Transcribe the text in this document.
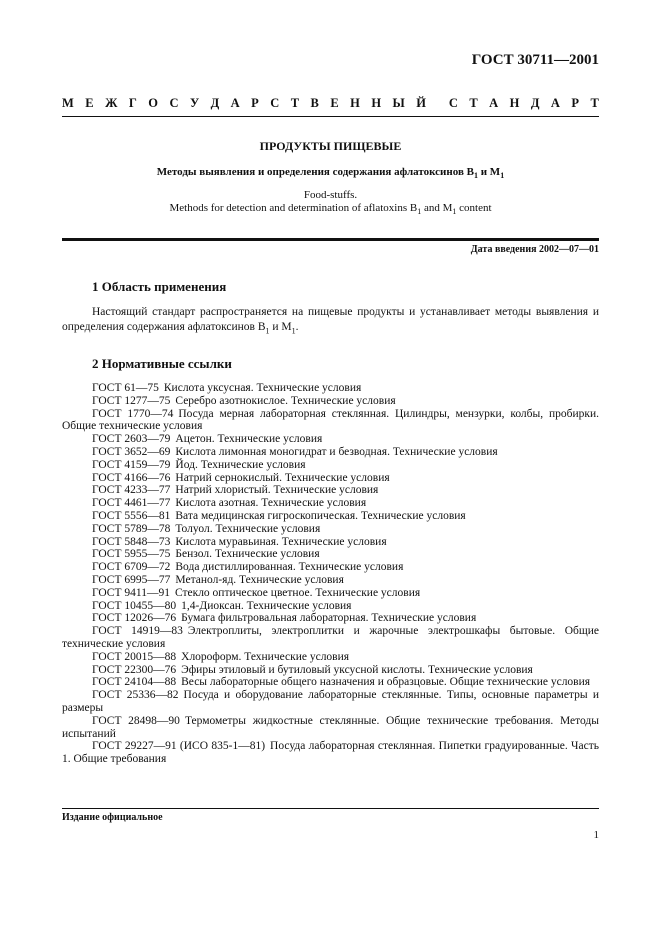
ГОСТ 30711—2001
М Е Ж Г О С У Д А Р С Т В Е Н Н Ы Й С Т А Н Д А Р Т
ПРОДУКТЫ ПИЩЕВЫЕ
Методы выявления и определения содержания афлатоксинов $B_1$ и $M_1$
Food-stuffs.
Methods for detection and determination of aflatoxins $B_1$ and $M_1$ content
Дата введения 2002—07—01
1 Область применения
Настоящий стандарт распространяется на пищевые продукты и устанавливает методы выявления и определения содержания афлатоксинов $B_1$ и $M_1$.
2 Нормативные ссылки
ГОСТ 61—75 Кислота уксусная. Технические условия
ГОСТ 1277—75 Серебро азотнокислое. Технические условия
ГОСТ 1770—74 Посуда мерная лабораторная стеклянная. Цилиндры, мензурки, колбы, пробирки. Общие технические условия
ГОСТ 2603—79 Ацетон. Технические условия
ГОСТ 3652—69 Кислота лимонная моногидрат и безводная. Технические условия
ГОСТ 4159—79 Йод. Технические условия
ГОСТ 4166—76 Натрий сернокислый. Технические условия
ГОСТ 4233—77 Натрий хлористый. Технические условия
ГОСТ 4461—77 Кислота азотная. Технические условия
ГОСТ 5556—81 Вата медицинская гигроскопическая. Технические условия
ГОСТ 5789—78 Толуол. Технические условия
ГОСТ 5848—73 Кислота муравьиная. Технические условия
ГОСТ 5955—75 Бензол. Технические условия
ГОСТ 6709—72 Вода дистиллированная. Технические условия
ГОСТ 6995—77 Метанол-яд. Технические условия
ГОСТ 9411—91 Стекло оптическое цветное. Технические условия
ГОСТ 10455—80 1,4-Диоксан. Технические условия
ГОСТ 12026—76 Бумага фильтровальная лабораторная. Технические условия
ГОСТ 14919—83 Электроплиты, электроплитки и жарочные электрошкафы бытовые. Общие технические условия
ГОСТ 20015—88 Хлороформ. Технические условия
ГОСТ 22300—76 Эфиры этиловый и бутиловый уксусной кислоты. Технические условия
ГОСТ 24104—88 Весы лабораторные общего назначения и образцовые. Общие технические условия
ГОСТ 25336—82 Посуда и оборудование лабораторные стеклянные. Типы, основные параметры и размеры
ГОСТ 28498—90 Термометры жидкостные стеклянные. Общие технические требования. Методы испытаний
ГОСТ 29227—91 (ИСО 835-1—81) Посуда лабораторная стеклянная. Пипетки градуированные. Часть 1. Общие требования
Издание официальное
1
